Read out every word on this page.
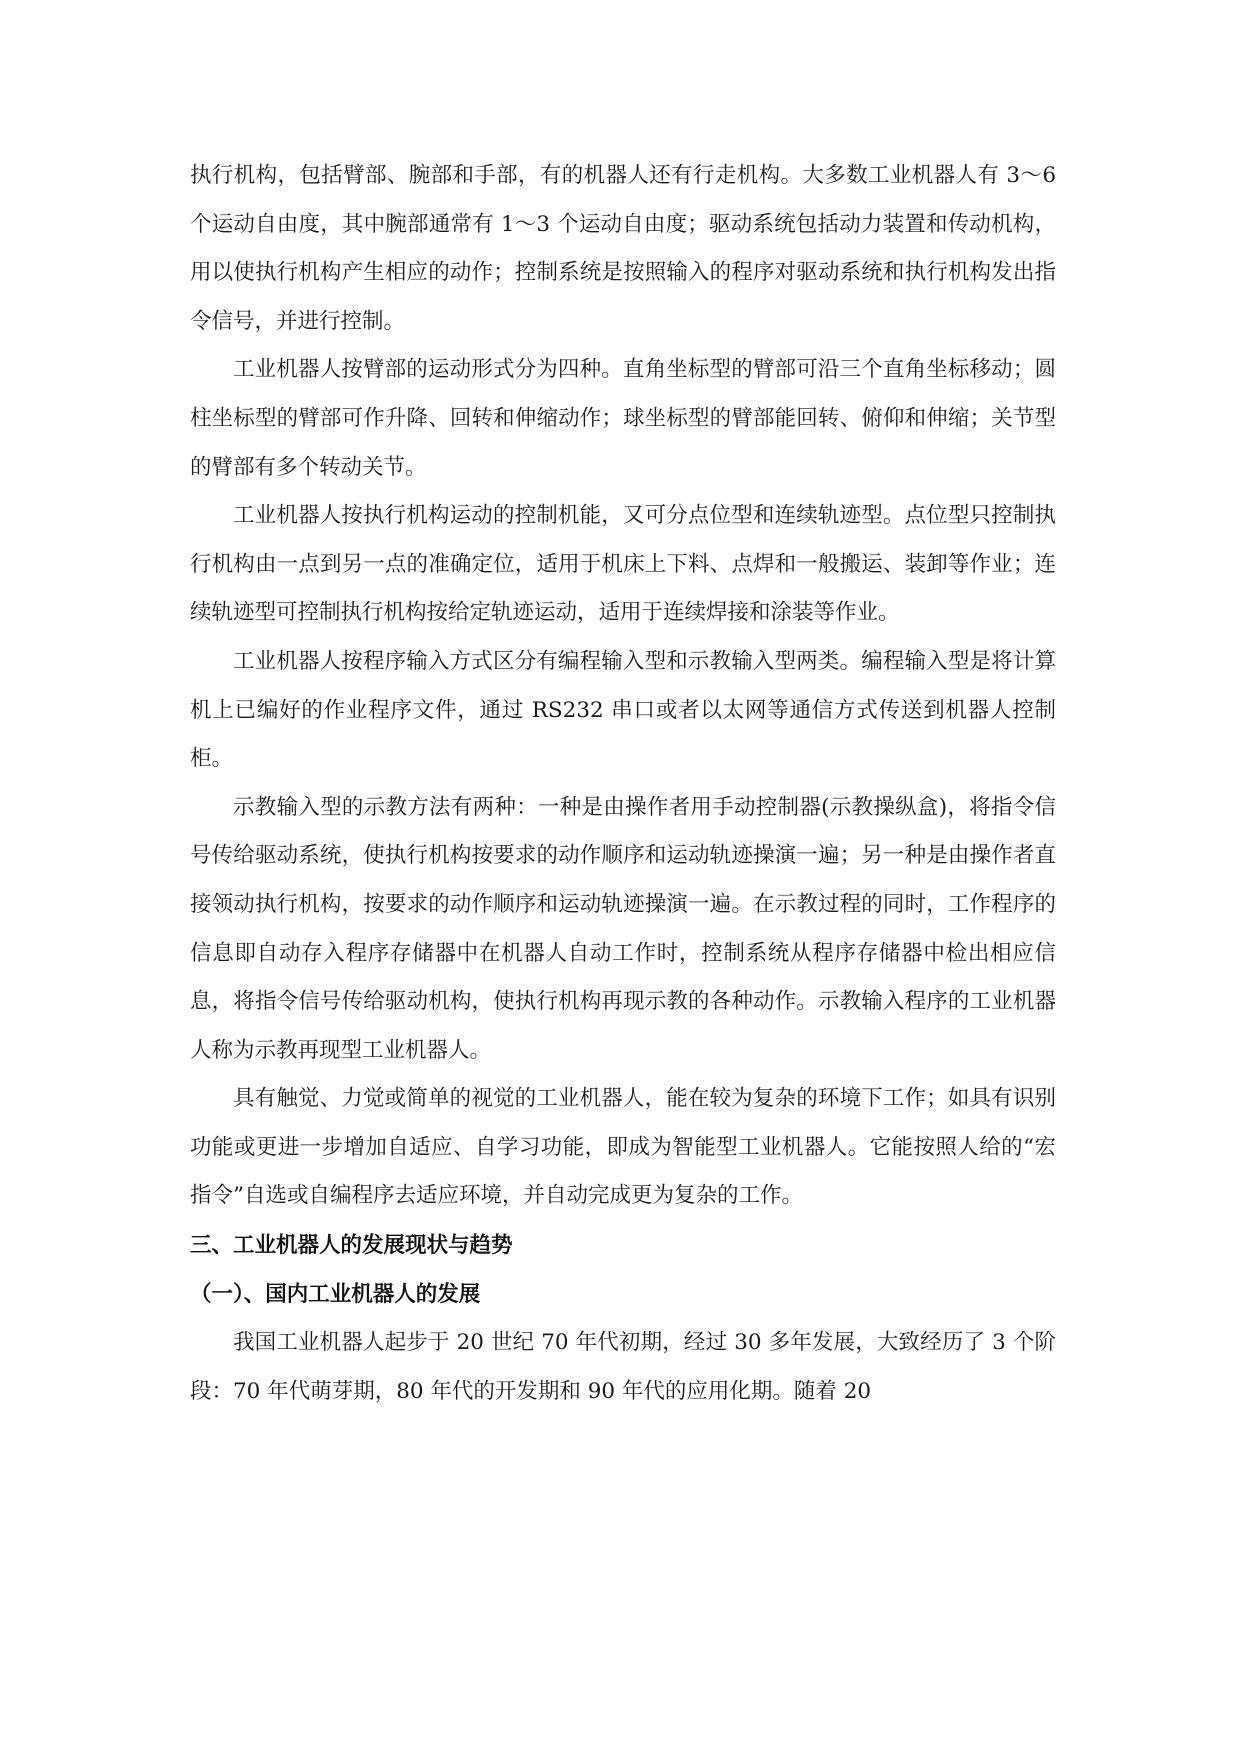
执行机构，包括臂部、腕部和手部，有的机器人还有行走机构。大多数工业机器人有 3～6 个运动自由度，其中腕部通常有 1～3 个运动自由度；驱动系统包括动力装置和传动机构，用以使执行机构产生相应的动作；控制系统是按照输入的程序对驱动系统和执行机构发出指令信号，并进行控制。

工业机器人按臂部的运动形式分为四种。直角坐标型的臂部可沿三个直角坐标移动；圆柱坐标型的臂部可作升降、回转和伸缩动作；球坐标型的臂部能回转、俯仰和伸缩；关节型的臂部有多个转动关节。

工业机器人按执行机构运动的控制机能，又可分点位型和连续轨迹型。点位型只控制执行机构由一点到另一点的准确定位，适用于机床上下料、点焊和一般搬运、装卸等作业；连续轨迹型可控制执行机构按给定轨迹运动，适用于连续焊接和涂装等作业。

工业机器人按程序输入方式区分有编程输入型和示教输入型两类。编程输入型是将计算机上已编好的作业程序文件，通过 RS232 串口或者以太网等通信方式传送到机器人控制柜。

示教输入型的示教方法有两种：一种是由操作者用手动控制器(示教操纵盒)，将指令信号传给驱动系统，使执行机构按要求的动作顺序和运动轨迹操演一遍；另一种是由操作者直接领动执行机构，按要求的动作顺序和运动轨迹操演一遍。在示教过程的同时，工作程序的信息即自动存入程序存储器中在机器人自动工作时，控制系统从程序存储器中检出相应信息，将指令信号传给驱动机构，使执行机构再现示教的各种动作。示教输入程序的工业机器人称为示教再现型工业机器人。

具有触觉、力觉或简单的视觉的工业机器人，能在较为复杂的环境下工作；如具有识别功能或更进一步增加自适应、自学习功能，即成为智能型工业机器人。它能按照人给的“宏指令”自选或自编程序去适应环境，并自动完成更为复杂的工作。

三、工业机器人的发展现状与趋势
（一）、国内工业机器人的发展

我国工业机器人起步于 20 世纪 70 年代初期，经过 30 多年发展，大致经历了 3 个阶段：70 年代萌芽期，80 年代的开发期和 90 年代的应用化期。随着 20
